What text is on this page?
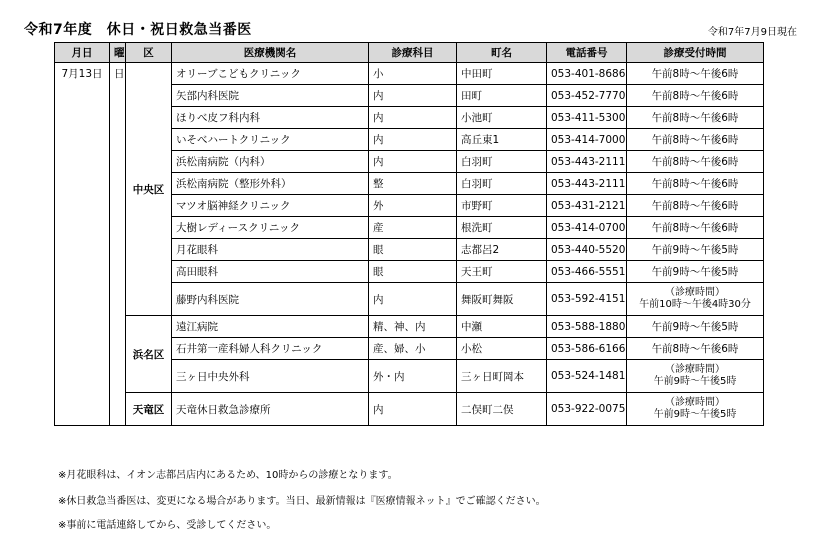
令和7年度　休日・祝日救急当番医	令和7年7月9日現在
月日	曜	区	医療機関名	診療科目	町名	電話番号	診療受付時間
7月13日	日	中央区	オリーブこどもクリニック	小	中田町	053-401-8686	午前8時～午後6時
			矢部内科医院	内	田町	053-452-7770	午前8時～午後6時
			ほりべ皮フ科内科	内	小池町	053-411-5300	午前8時～午後6時
			いそべハートクリニック	内	高丘東1	053-414-7000	午前8時～午後6時
			浜松南病院（内科）	内	白羽町	053-443-2111	午前8時～午後6時
			浜松南病院（整形外科）	整	白羽町	053-443-2111	午前8時～午後6時
			マツオ脳神経クリニック	外	市野町	053-431-2121	午前8時～午後6時
			大樹レディースクリニック	産	根洗町	053-414-0700	午前8時～午後6時
			月花眼科	眼	志都呂2	053-440-5520	午前9時～午後5時
			高田眼科	眼	天王町	053-466-5551	午前9時～午後5時
			藤野内科医院	内	舞阪町舞阪	053-592-4151	（診療時間）
午前10時～午後4時30分

		浜名区	遠江病院	精、神、内	中瀬	053-588-1880	午前9時～午後5時
			石井第一産科婦人科クリニック	産、婦、小	小松	053-586-6166	午前8時～午後6時
			三ヶ日中央外科	外・内	三ヶ日町岡本	053-524-1481	（診療時間）
午前9時～午後5時

		天竜区	天竜休日救急診療所	内	二俣町二俣	053-922-0075	（診療時間）
午前9時～午後5時
※月花眼科は、イオン志都呂店内にあるため、10時からの診療となります。
※休日救急当番医は、変更になる場合があります。当日、最新情報は『医療情報ネット』でご確認ください。
※事前に電話連絡してから、受診してください。
